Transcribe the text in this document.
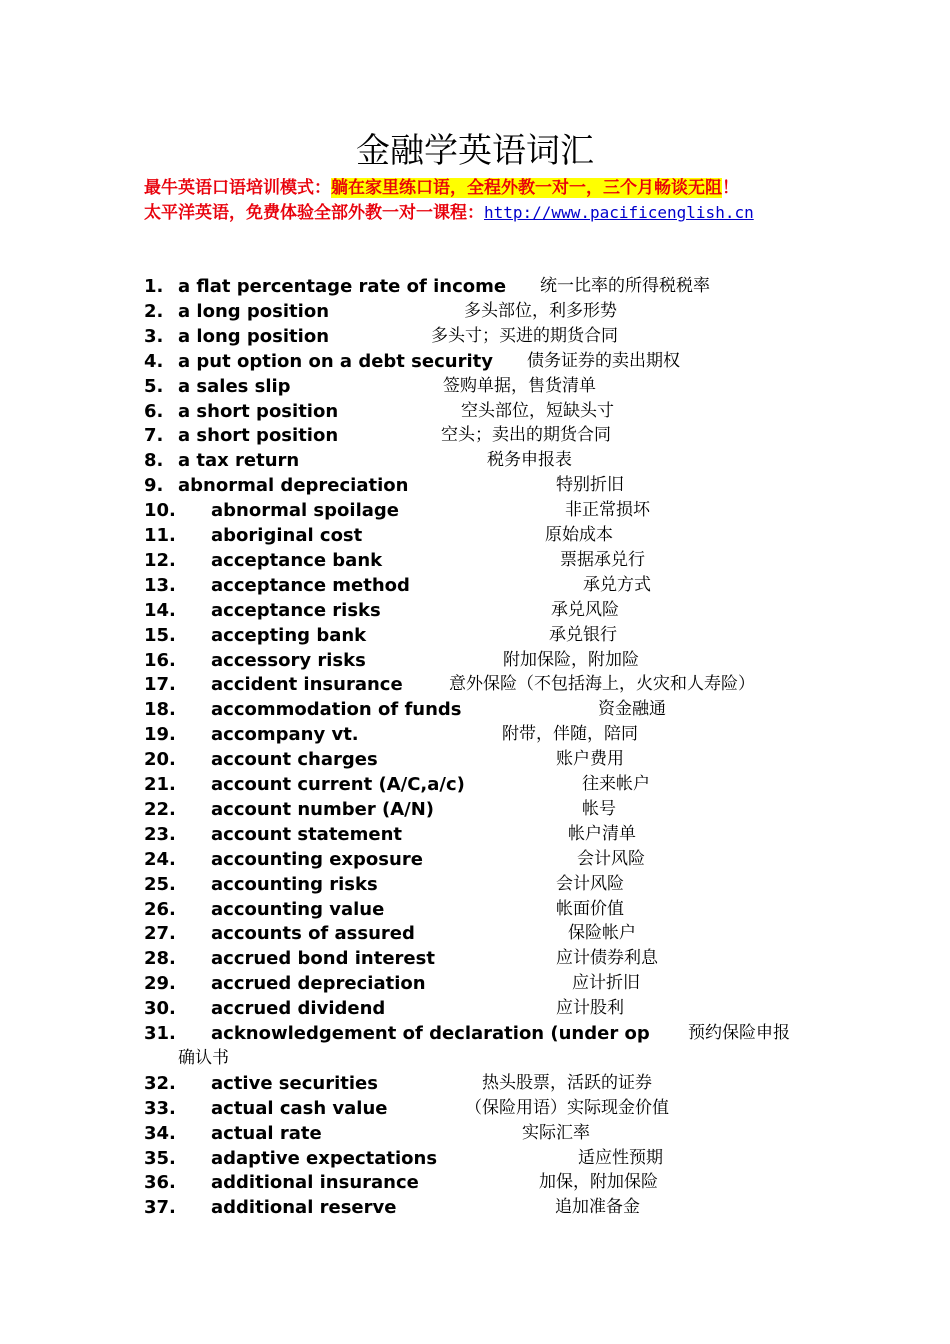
金融学英语词汇
最牛英语口语培训模式：躺在家里练口语，全程外教一对一，三个月畅谈无阻！
太平洋英语，免费体验全部外教一对一课程：http://www.pacificenglish.cn
1. a flat percentage rate of income 统一比率的所得税税率
2. a long position	多头部位，利多形势
3. a long position	多头寸；买进的期货合同
4. a put option on a debt security 债务证券的卖出期权
5. a sales slip	签购单据，售货清单
6. a short position	空头部位，短缺头寸
7. a short position	空头；卖出的期货合同
8. a tax return	税务申报表
9. abnormal depreciation	特别折旧
10. abnormal spoilage	非正常损坏
11. aboriginal cost	原始成本
12. acceptance bank	票据承兑行
13. acceptance method	承兑方式
14. acceptance risks	承兑风险
15. accepting bank	承兑银行
16. accessory risks	附加保险，附加险
17. accident insurance	意外保险（不包括海上，火灾和人寿险）
18. accommodation of funds	资金融通
19. accompany vt.	附带，伴随，陪同
20. account charges	账户费用
21. account current (A/C,a/c)	往来帐户
22. account number (A/N)	帐号
23. account statement	帐户清单
24. accounting exposure	会计风险
25. accounting risks	会计风险
26. accounting value	帐面价值
27. accounts of assured	保险帐户
28. accrued bond interest	应计债券利息
29. accrued depreciation	应计折旧
30. accrued dividend	应计股利
31. acknowledgement of declaration (under op 预约保险申报
确认书
32. active securities	热头股票，活跃的证券
33. actual cash value	（保险用语）实际现金价值
34. actual rate	实际汇率
35. adaptive expectations	适应性预期
36. additional insurance	加保，附加保险
37. additional reserve	追加准备金
